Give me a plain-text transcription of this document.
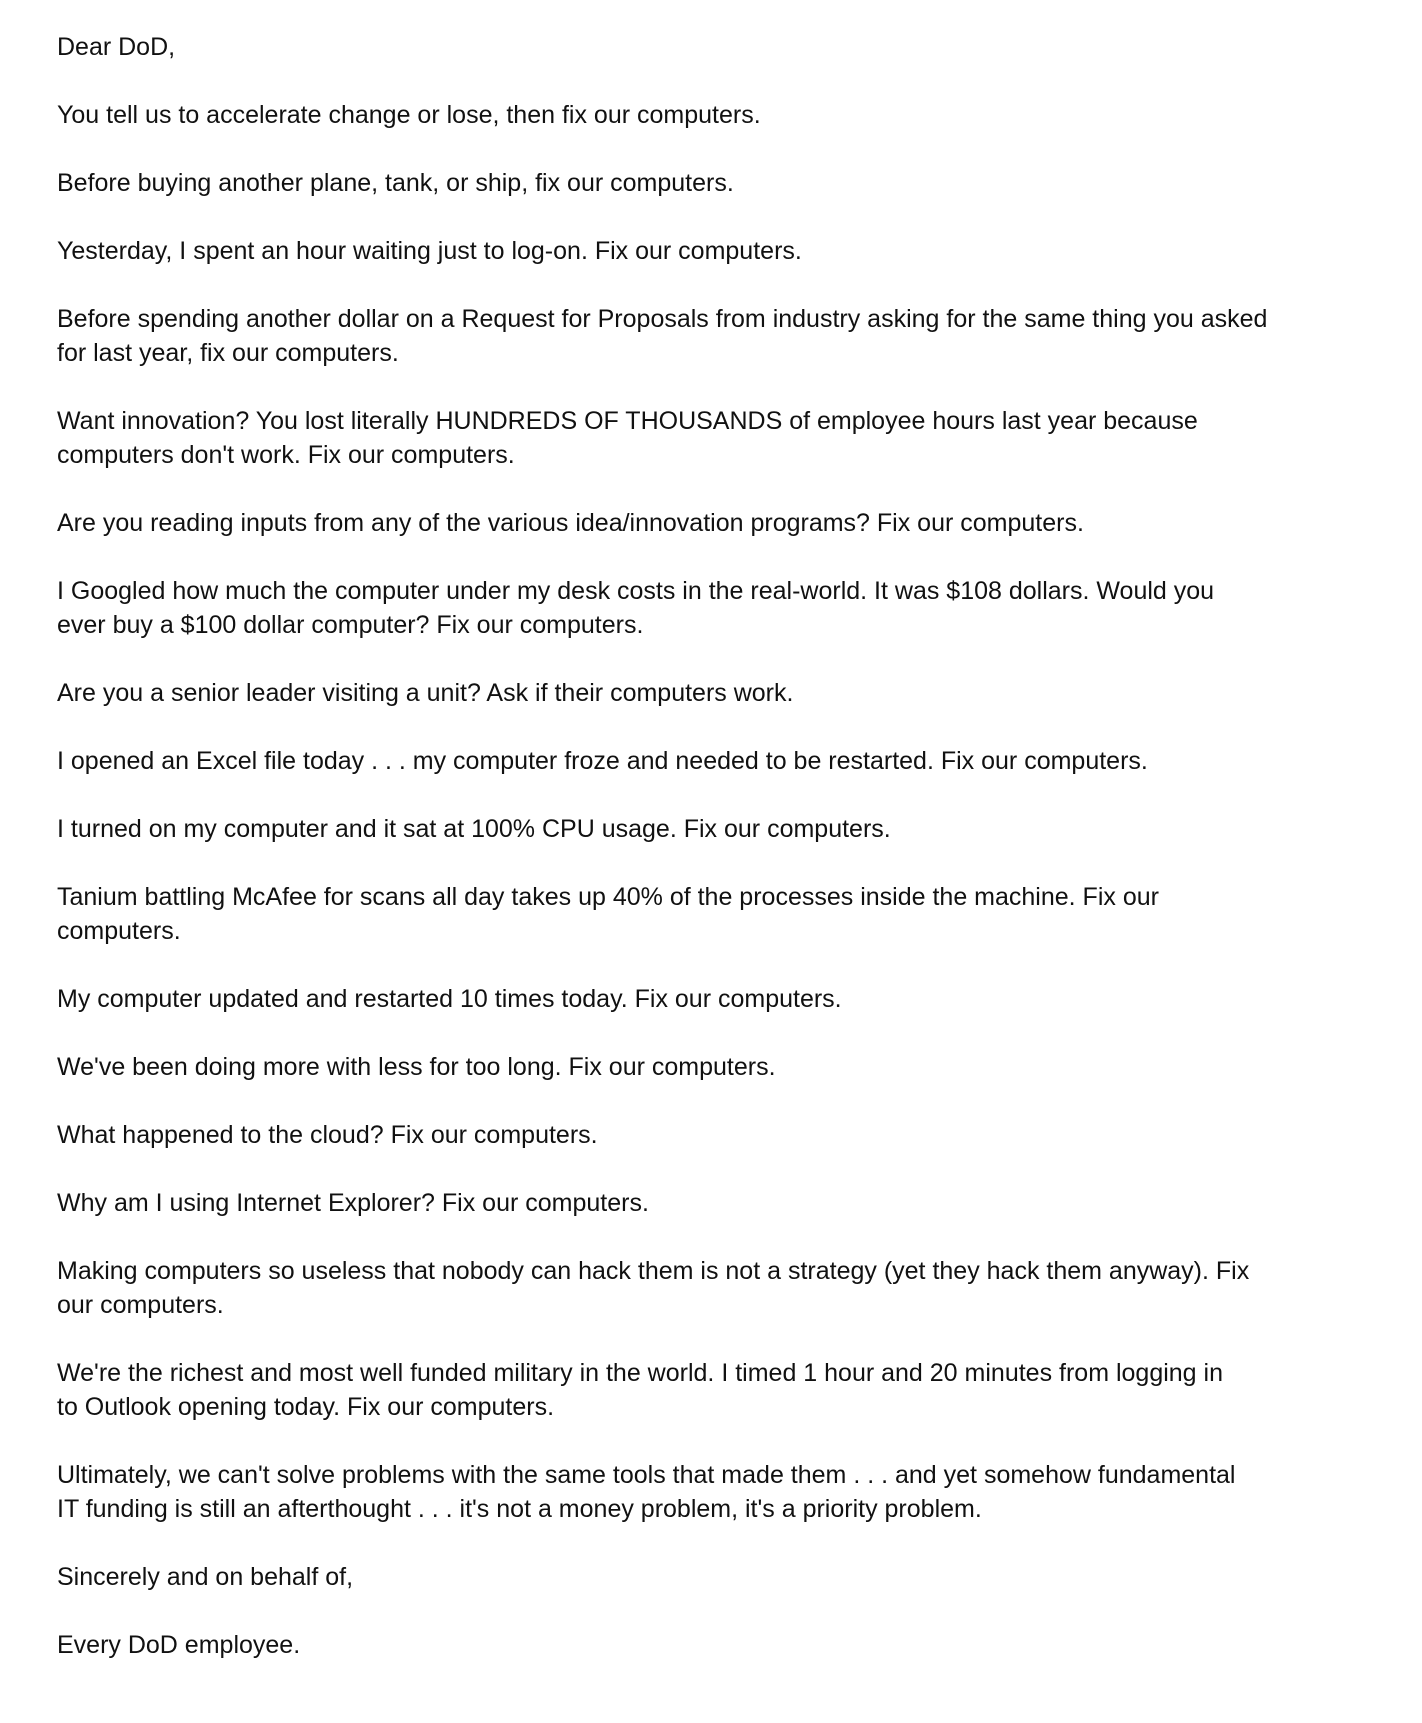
Dear DoD,

You tell us to accelerate change or lose, then fix our computers.

Before buying another plane, tank, or ship, fix our computers.

Yesterday, I spent an hour waiting just to log-on. Fix our computers.

Before spending another dollar on a Request for Proposals from industry asking for the same thing you asked
for last year, fix our computers.

Want innovation? You lost literally HUNDREDS OF THOUSANDS of employee hours last year because
computers don't work. Fix our computers.

Are you reading inputs from any of the various idea/innovation programs? Fix our computers.

I Googled how much the computer under my desk costs in the real-world. It was $108 dollars. Would you
ever buy a $100 dollar computer? Fix our computers.

Are you a senior leader visiting a unit? Ask if their computers work.

I opened an Excel file today . . . my computer froze and needed to be restarted. Fix our computers.

I turned on my computer and it sat at 100% CPU usage. Fix our computers.

Tanium battling McAfee for scans all day takes up 40% of the processes inside the machine. Fix our
computers.

My computer updated and restarted 10 times today. Fix our computers.

We've been doing more with less for too long. Fix our computers.

What happened to the cloud? Fix our computers.

Why am I using Internet Explorer? Fix our computers.

Making computers so useless that nobody can hack them is not a strategy (yet they hack them anyway). Fix
our computers.

We're the richest and most well funded military in the world. I timed 1 hour and 20 minutes from logging in
to Outlook opening today. Fix our computers.

Ultimately, we can't solve problems with the same tools that made them . . . and yet somehow fundamental
IT funding is still an afterthought . . . it's not a money problem, it's a priority problem.

Sincerely and on behalf of,

Every DoD employee.
